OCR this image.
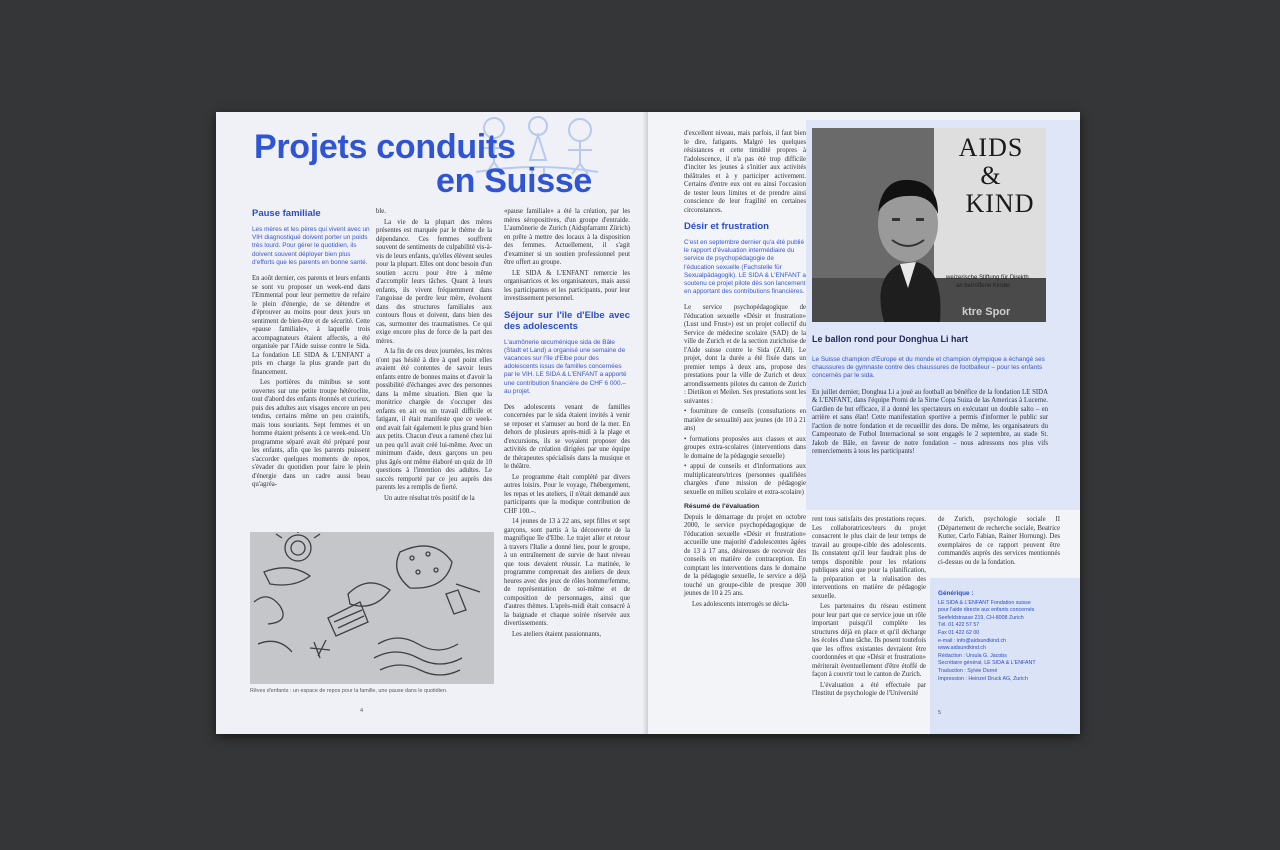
Projets conduits
en Suisse
Pause familiale
Les mères et les pères qui vivent avec un VIH diagnostiqué doivent porter un poids très lourd. Pour gérer le quotidien, ils doivent souvent déployer bien plus d'efforts que les parents en bonne santé.

En août dernier, ces parents et leurs enfants se sont vu proposer un week-end dans l'Emmental pour leur permettre de refaire le plein d'énergie, de se détendre et d'éprouver au moins pour deux jours un sentiment de bien-être et de sécurité. Cette «pause familiale», à laquelle trois accompagnateurs étaient affectés, a été organisée par l'Aide suisse contre le Sida. La fondation LE SIDA & L'ENFANT a pris en charge la plus grande part du financement.

Les portières du minibus se sont ouvertes sur une petite troupe hétéroclite, tout d'abord des enfants étonnés et curieux, puis des adultes aux visages encore un peu tendus, certains même un peu craintifs, mais tous souriants. Sept femmes et un homme étaient présents à ce week-end. Un programme séparé avait été préparé pour les enfants, afin que les parents puissent s'accorder quelques moments de repos, s'évader du quotidien pour faire le plein d'énergie dans un cadre aussi beau qu'agréa-

ble.

La vie de la plupart des mères présentes est marquée par le thème de la dépendance. Ces femmes souffrent souvent de sentiments de culpabilité vis-à-vis de leurs enfants, qu'elles élèvent seules pour la plupart. Elles ont donc besoin d'un soutien accru pour être à même d'accomplir leurs tâches. Quant à leurs enfants, ils vivent fréquemment dans l'angoisse de perdre leur mère, évoluent dans des structures familiales aux contours flous et doivent, dans bien des cas, surmonter des traumatismes. Ce qui exige encore plus de force de la part des mères.

A la fin de ces deux journées, les mères n'ont pas hésité à dire à quel point elles avaient été contentes de savoir leurs enfants entre de bonnes mains et d'avoir la possibilité d'échanges avec des personnes dans la même situation. Bien que la monitrice chargée de s'occuper des enfants en ait eu un travail difficile et fatigant, il était manifeste que ce week-end avait fait également le plus grand bien aux petits. Chacun d'eux a ramené chez lui un peu qu'il avait créé lui-même. Avec un minimum d'aide, deux garçons un peu plus âgés ont même élaboré un quiz de 10 questions à l'intention des adultes. Le succès remporté par ce jeu auprès des parents les a remplis de fierté.

Un autre résultat très positif de la

«pause familiale» a été la création, par les mères séropositives, d'un groupe d'entraide. L'aumônerie de Zurich (Aidspfarramt Zürich) en prête à mettre des locaux à la disposition des femmes. Actuellement, il s'agit d'examiner si un soutien professionnel peut être offert au groupe.

LE SIDA & L'ENFANT remercie les organisatrices et les organisateurs, mais aussi les participantes et les participants, pour leur investissement personnel.

Séjour sur l'île d'Elbe avec des adolescents
L'aumônerie œcuménique sida de Bâle (Stadt et Land) a organisé une semaine de vacances sur l'île d'Elbe pour des adolescents issus de familles concernées par le VIH. LE SIDA & L'ENFANT a apporté une contribution financière de CHF 6 000.– au projet.

Des adolescents venant de familles concernées par le sida étaient invités à venir se reposer et s'amuser au bord de la mer. En dehors de plusieurs après-midi à la plage et d'excursions, ils se voyaient proposer des activités de création dirigées par une équipe de thérapeutes spécialisés dans la musique et le théâtre.

Le programme était complété par divers autres loisirs. Pour le voyage, l'hébergement, les repas et les ateliers, il n'était demandé aux participants que la modique contribution de CHF 100.–.

14 jeunes de 13 à 22 ans, sept filles et sept garçons, sont partis à la découverte de la magnifique île d'Elbe. Le trajet aller et retour à travers l'Italie a donné lieu, pour le groupe, à un entraînement de survie de haut niveau que tous devaient réussir. La matinée, le programme comprenait des ateliers de deux heures avec des jeux de rôles homme/femme, de représentation de soi-même et de composition de personnages, ainsi que d'autres thèmes. L'après-midi était consacré à la baignade et chaque soirée réservée aux divertissements.

Les ateliers étaient passionnants,

Rêves d'enfants : un espace de repos pour la famille, une pause dans le quotidien.
4

d'excellent niveau, mais parfois, il faut bien le dire, fatigants. Malgré les quelques résistances et cette timidité propres à l'adolescence, il n'a pas été trop difficile d'inciter les jeunes à s'initier aux activités théâtrales et à y participer activement. Certains d'entre eux ont eu ainsi l'occasion de tester leurs limites et de prendre ainsi conscience de leur fragilité en certaines circonstances.

Désir et frustration
C'est en septembre dernier qu'a été publié le rapport d'évaluation intermédiaire du service de psychopédagogie de l'éducation sexuelle (Fachstelle für Sexualpädagogik). LE SIDA & L'ENFANT a soutenu ce projet pilote dès son lancement en apportant des contributions financières.

Le service psychopédagogique de l'éducation sexuelle «Désir et frustration» (Lust und Frust») est un projet collectif du Service de médecine scolaire (SAD) de la ville de Zurich et de la section zurichoise de l'Aide suisse contre le Sida (ZAH). Le projet, dont la durée a été fixée dans un premier temps à deux ans, propose des prestations pour la ville de Zurich et deux arrondissements pilotes du canton de Zurich : Dietikon et Meilen. Ses prestations sont les suivantes :

• fourniture de conseils (consultations en matière de sexualité) aux jeunes (de 10 à 21 ans)

• formations proposées aux classes et aux groupes extra-scolaires (interventions dans le domaine de la pédagogie sexuelle)

• appui de conseils et d'informations aux multiplicateurs/trices (personnes qualifiées chargées d'une mission de pédagogie sexuelle en milieu scolaire et extra-scolaire)

Résumé de l'évaluation

Depuis le démarrage du projet en octobre 2000, le service psychopédagogique de l'éducation sexuelle «Désir et frustration» accueille une majorité d'adolescentes âgées de 13 à 17 ans, désireuses de recevoir des conseils en matière de contraception. En comptant les interventions dans le domaine de la pédagogie sexuelle, le service a déjà touché un groupe-cible de presque 300 jeunes de 10 à 25 ans.

Les adolescents interrogés se décla-

AIDS
&
KIND
weizerische Stiftung für Direkth
an betroffene Kinder
ktre Spor
Le ballon rond pour Donghua Li hart
Le Suisse champion d'Europe et du monde et champion olympique a échangé ses chaussures de gymnaste contre des chaussures de footballeur – pour les enfants concernés par le sida.

En juillet dernier, Donghua Li a joué au football au bénéfice de la fondation LE SIDA & L'ENFANT, dans l'équipe Promi de la Sirne Copa Suiza de las Americas à Lucerne. Gardien de but efficace, il a donné les spectateurs en exécutant un double salto – en arrière et sans élan! Cette manifestation sportive a permis d'informer le public sur l'action de notre fondation et de recueillir des dons. De même, les organisateurs du Campeonato de Futbol Internacional se sont engagés le 2 septembre, au stade St. Jakob de Bâle, en faveur de notre fondation – nous adressons nos plus vifs remerciements à tous les participants!

rent tous satisfaits des prestations reçues. Les collaboratrices/teurs du projet consacrent le plus clair de leur temps de travail au groupe-cible des adolescents. Ils constatent qu'il leur faudrait plus de temps disponible pour les relations publiques ainsi que pour la planification, la préparation et la réalisation des interventions en matière de pédagogie sexuelle.

Les partenaires du réseau estiment pour leur part que ce service joue un rôle important puisqu'il complète les structures déjà en place et qu'il décharge les écoles d'une tâche. Ils posent toutefois que les offres existantes devraient être coordonnées et que «Désir et frustration» mériterait éventuellement d'être étoffé de façon à couvrir tout le canton de Zurich.

L'évaluation a été effectuée par l'Institut de psychologie de l'Université

de Zurich, psychologie sociale II (Département de recherche sociale, Beatrice Kutter, Carlo Fabian, Rainer Hornung). Des exemplaires de ce rapport peuvent être commandés auprès des services mentionnés ci-dessus ou de la fondation.

Générique :
LE SIDA & L'ENFANT Fondation suisse
pour l'aide directe aux enfants concernés
Seefeldstrasse 219, CH-8008 Zurich
Tél. 01 422 57 57
Fax 01 422 62 00
e-mail : info@aidsundkind.ch
www.aidsundkind.ch
Rédaction : Ursula G. Jacobs
Secrétaire général, LE SIDA & L'ENFANT
Traduction : Sylvie Durné
Impression : Heinzel Druck AG, Zurich
5
